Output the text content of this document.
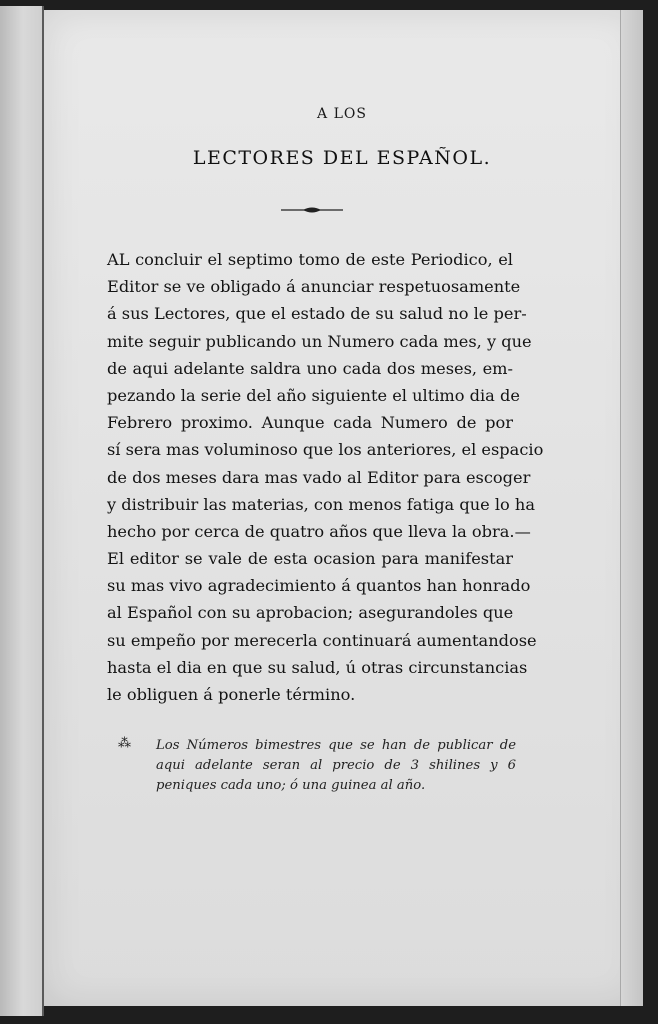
A LOS
LECTORES DEL ESPAÑOL.
AL concluir el septimo tomo de este Periodico, el
Editor se ve obligado á anunciar respetuosamente
á sus Lectores, que el estado de su salud no le per-
mite seguir publicando un Numero cada mes, y que
de aqui adelante saldra uno cada dos meses, em-
pezando la serie del año siguiente el ultimo dia de
Febrero proximo. Aunque cada Numero de por
sí sera mas voluminoso que los anteriores, el espacio
de dos meses dara mas vado al Editor para escoger
y distribuir las materias, con menos fatiga que lo ha
hecho por cerca de quatro años que lleva la obra.—
El editor se vale de esta ocasion para manifestar
su mas vivo agradecimiento á quantos han honrado
al Español con su aprobacion; asegurandoles que
su empeño por merecerla continuará aumentandose
hasta el dia en que su salud, ú otras circunstancias
le obliguen á ponerle término.
⁂ Los Números bimestres que se han de publicar de
aqui adelante seran al precio de 3 shilines y 6
peniques cada uno; ó una guinea al año.
